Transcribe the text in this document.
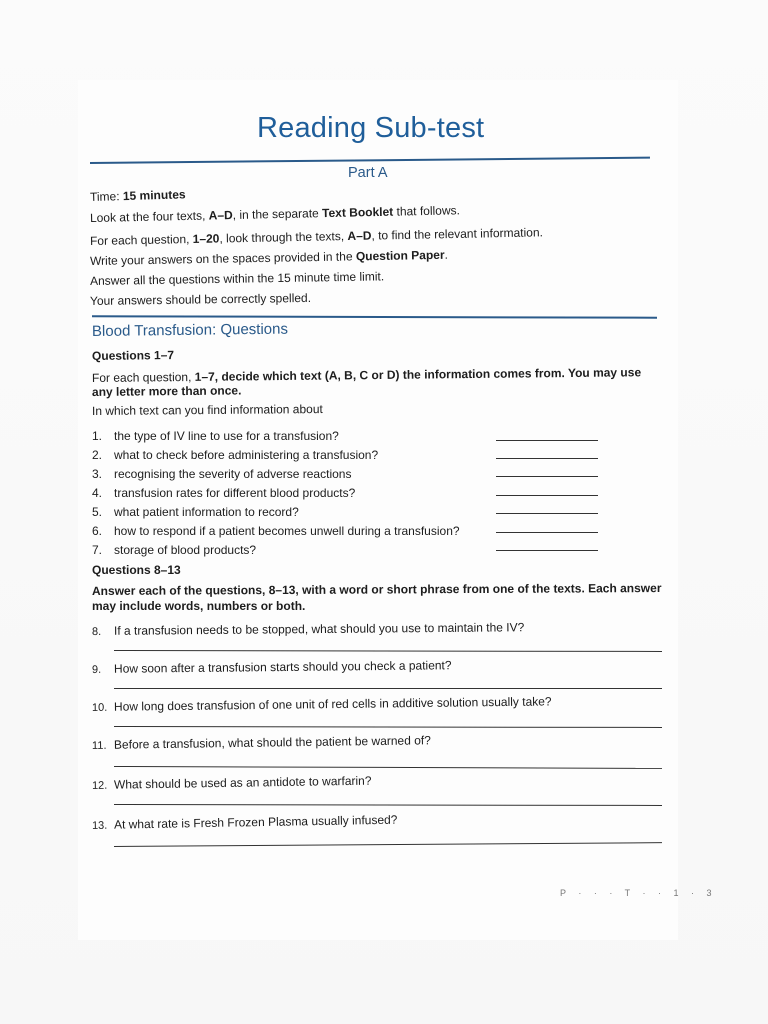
Reading Sub-test
Part A
Time: 15 minutes
Look at the four texts, A–D, in the separate Text Booklet that follows.
For each question, 1–20, look through the texts, A–D, to find the relevant information.
Write your answers on the spaces provided in the Question Paper.
Answer all the questions within the 15 minute time limit.
Your answers should be correctly spelled.
Blood Transfusion: Questions
Questions 1–7
For each question, 1–7, decide which text (A, B, C or D) the information comes from. You may use
any letter more than once.
In which text can you find information about
1. the type of IV line to use for a transfusion?
2. what to check before administering a transfusion?
3. recognising the severity of adverse reactions
4. transfusion rates for different blood products?
5. what patient information to record?
6. how to respond if a patient becomes unwell during a transfusion?
7. storage of blood products?
Questions 8–13
Answer each of the questions, 8–13, with a word or short phrase from one of the texts. Each answer
may include words, numbers or both.
8. If a transfusion needs to be stopped, what should you use to maintain the IV?
9. How soon after a transfusion starts should you check a patient?
10. How long does transfusion of one unit of red cells in additive solution usually take?
11. Before a transfusion, what should the patient be warned of?
12. What should be used as an antidote to warfarin?
13. At what rate is Fresh Frozen Plasma usually infused?
P · · · T · · 1 · 3
